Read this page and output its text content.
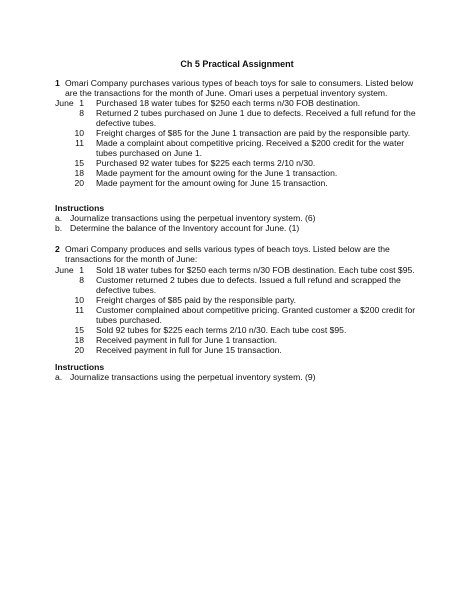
Ch 5 Practical Assignment
1 Omari Company purchases various types of beach toys for sale to consumers. Listed below are the transactions for the month of June. Omari uses a perpetual inventory system.
June 1 Purchased 18 water tubes for $250 each terms n/30 FOB destination.
8 Returned 2 tubes purchased on June 1 due to defects. Received a full refund for the defective tubes.
10 Freight charges of $85 for the June 1 transaction are paid by the responsible party.
11 Made a complaint about competitive pricing. Received a $200 credit for the water tubes purchased on June 1.
15 Purchased 92 water tubes for $225 each terms 2/10 n/30.
18 Made payment for the amount owing for the June 1 transaction.
20 Made payment for the amount owing for June 15 transaction.
Instructions
a. Journalize transactions using the perpetual inventory system. (6)
b. Determine the balance of the Inventory account for June. (1)
2 Omari Company produces and sells various types of beach toys. Listed below are the transactions for the month of June:
June 1 Sold 18 water tubes for $250 each terms n/30 FOB destination. Each tube cost $95.
8 Customer returned 2 tubes due to defects. Issued a full refund and scrapped the defective tubes.
10 Freight charges of $85 paid by the responsible party.
11 Customer complained about competitive pricing. Granted customer a $200 credit for tubes purchased.
15 Sold 92 tubes for $225 each terms 2/10 n/30. Each tube cost $95.
18 Received payment in full for June 1 transaction.
20 Received payment in full for June 15 transaction.
Instructions
a. Journalize transactions using the perpetual inventory system. (9)
